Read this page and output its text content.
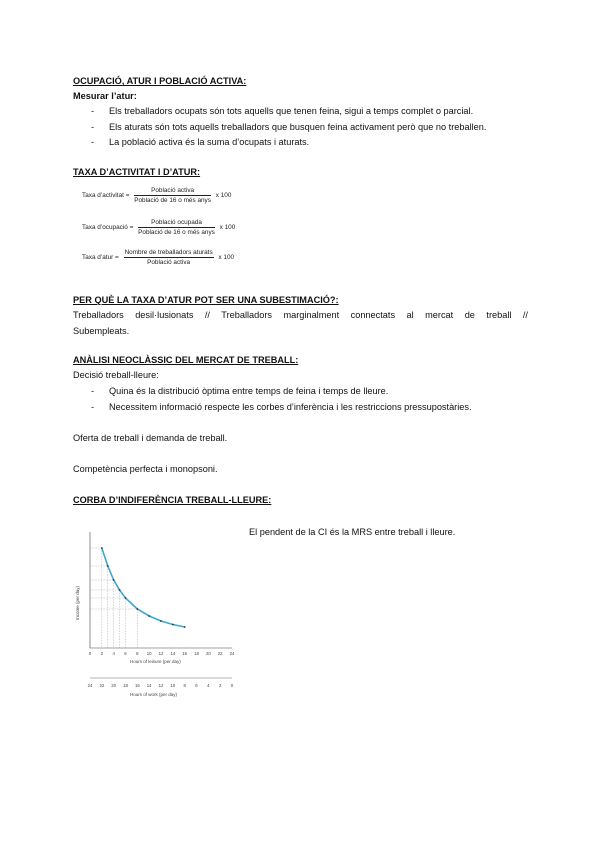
OCUPACIÓ, ATUR I POBLACIÓ ACTIVA:
Mesurar l’atur:
- Els treballadors ocupats són tots aquells que tenen feina, sigui a temps complet o parcial.
- Els aturats són tots aquells treballadors que busquen feina activament però que no treballen.
- La població activa és la suma d’ocupats i aturats.
TAXA D’ACTIVITAT I D’ATUR:
Taxa d’activitat = $\frac{\text{Població activa}}{\text{Població de 16 o més anys}}$ x 100
Taxa d’ocupació = $\frac{\text{Població ocupada}}{\text{Població de 16 o més anys}}$ x 100
Taxa d’atur = $\frac{\text{Nombre de treballadors aturats}}{\text{Població activa}}$ x 100
PER QUÈ LA TAXA D’ATUR POT SER UNA SUBESTIMACIÓ?:
Treballadors desil·lusionats // Treballadors marginalment connectats al mercat de treball //
Subempleats.
ANÀLISI NEOCLÀSSIC DEL MERCAT DE TREBALL:
Decisió treball-lleure:
- Quina és la distribució òptima entre temps de feina i temps de lleure.
- Necessitem informació respecte les corbes d’inferència i les restriccions pressupostàries.
Oferta de treball i demanda de treball.
Competència perfecta i monopsoni.
CORBA D’INDIFERÈNCIA TREBALL-LLEURE:
El pendent de la CI és la MRS entre treball i lleure.
0 2 4 6 8 10 12 14 16 18 20 22 24
24 22 20 18 16 14 12 10 8 6 4 2 0
Hours of leisure (per day)
Hours of work (per day)
Income (per day)
